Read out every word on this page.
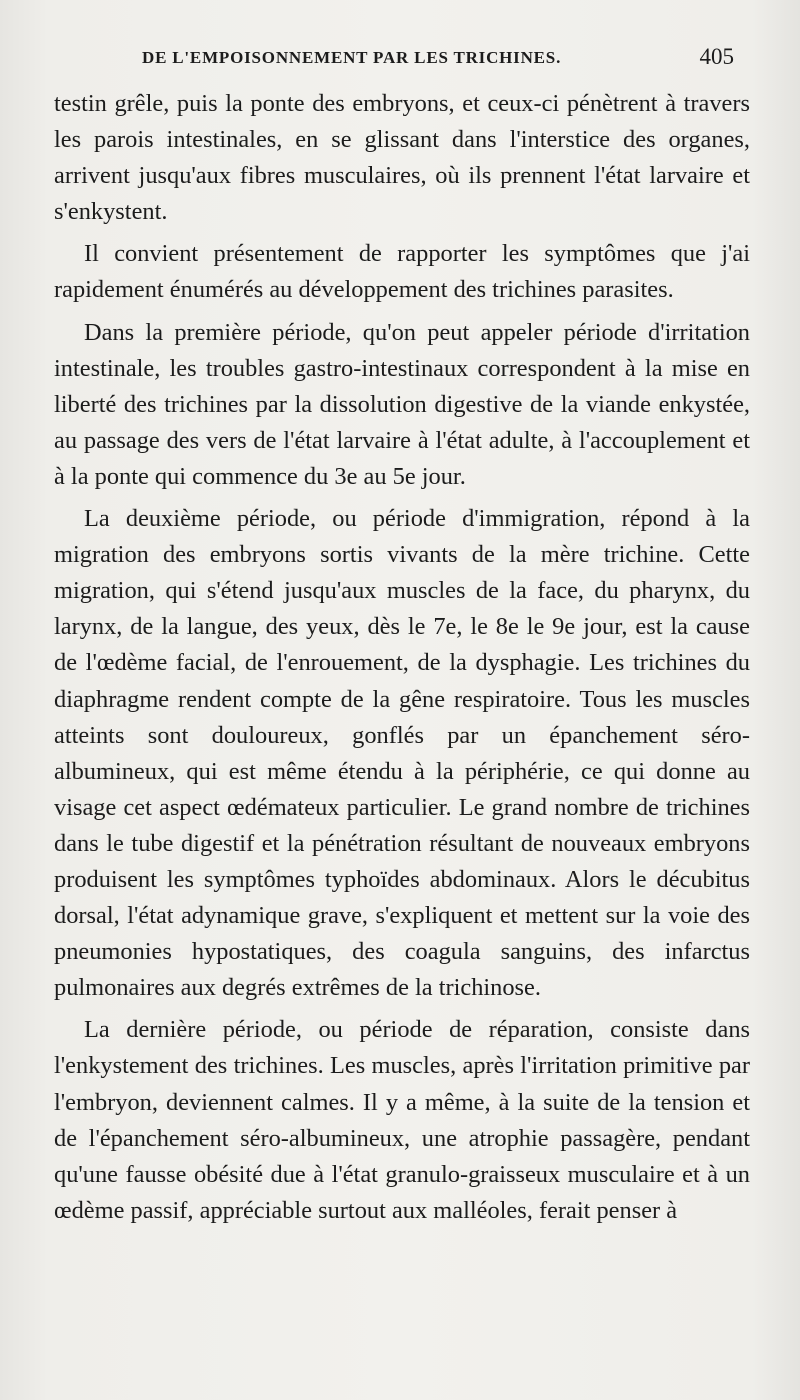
DE L'EMPOISONNEMENT PAR LES TRICHINES.	405

testin grêle, puis la ponte des embryons, et ceux-ci pénètrent à travers les parois intestinales, en se glissant dans l'interstice des organes, arrivent jusqu'aux fibres musculaires, où ils prennent l'état larvaire et s'enkystent.

Il convient présentement de rapporter les symptômes que j'ai rapidement énumérés au développement des trichines parasites.

Dans la première période, qu'on peut appeler période d'irritation intestinale, les troubles gastro-intestinaux correspondent à la mise en liberté des trichines par la dissolution digestive de la viande enkystée, au passage des vers de l'état larvaire à l'état adulte, à l'accouplement et à la ponte qui commence du 3e au 5e jour.

La deuxième période, ou période d'immigration, répond à la migration des embryons sortis vivants de la mère trichine. Cette migration, qui s'étend jusqu'aux muscles de la face, du pharynx, du larynx, de la langue, des yeux, dès le 7e, le 8e le 9e jour, est la cause de l'œdème facial, de l'enrouement, de la dysphagie. Les trichines du diaphragme rendent compte de la gêne respiratoire. Tous les muscles atteints sont douloureux, gonflés par un épanchement séro-albumineux, qui est même étendu à la périphérie, ce qui donne au visage cet aspect œdémateux particulier. Le grand nombre de trichines dans le tube digestif et la pénétration résultant de nouveaux embryons produisent les symptômes typhoïdes abdominaux. Alors le décubitus dorsal, l'état adynamique grave, s'expliquent et mettent sur la voie des pneumonies hypostatiques, des coagula sanguins, des infarctus pulmonaires aux degrés extrêmes de la trichinose.

La dernière période, ou période de réparation, consiste dans l'enkystement des trichines. Les muscles, après l'irritation primitive par l'embryon, deviennent calmes. Il y a même, à la suite de la tension et de l'épanchement séro-albumineux, une atrophie passagère, pendant qu'une fausse obésité due à l'état granulo-graisseux musculaire et à un œdème passif, appréciable surtout aux malléoles, ferait penser à
